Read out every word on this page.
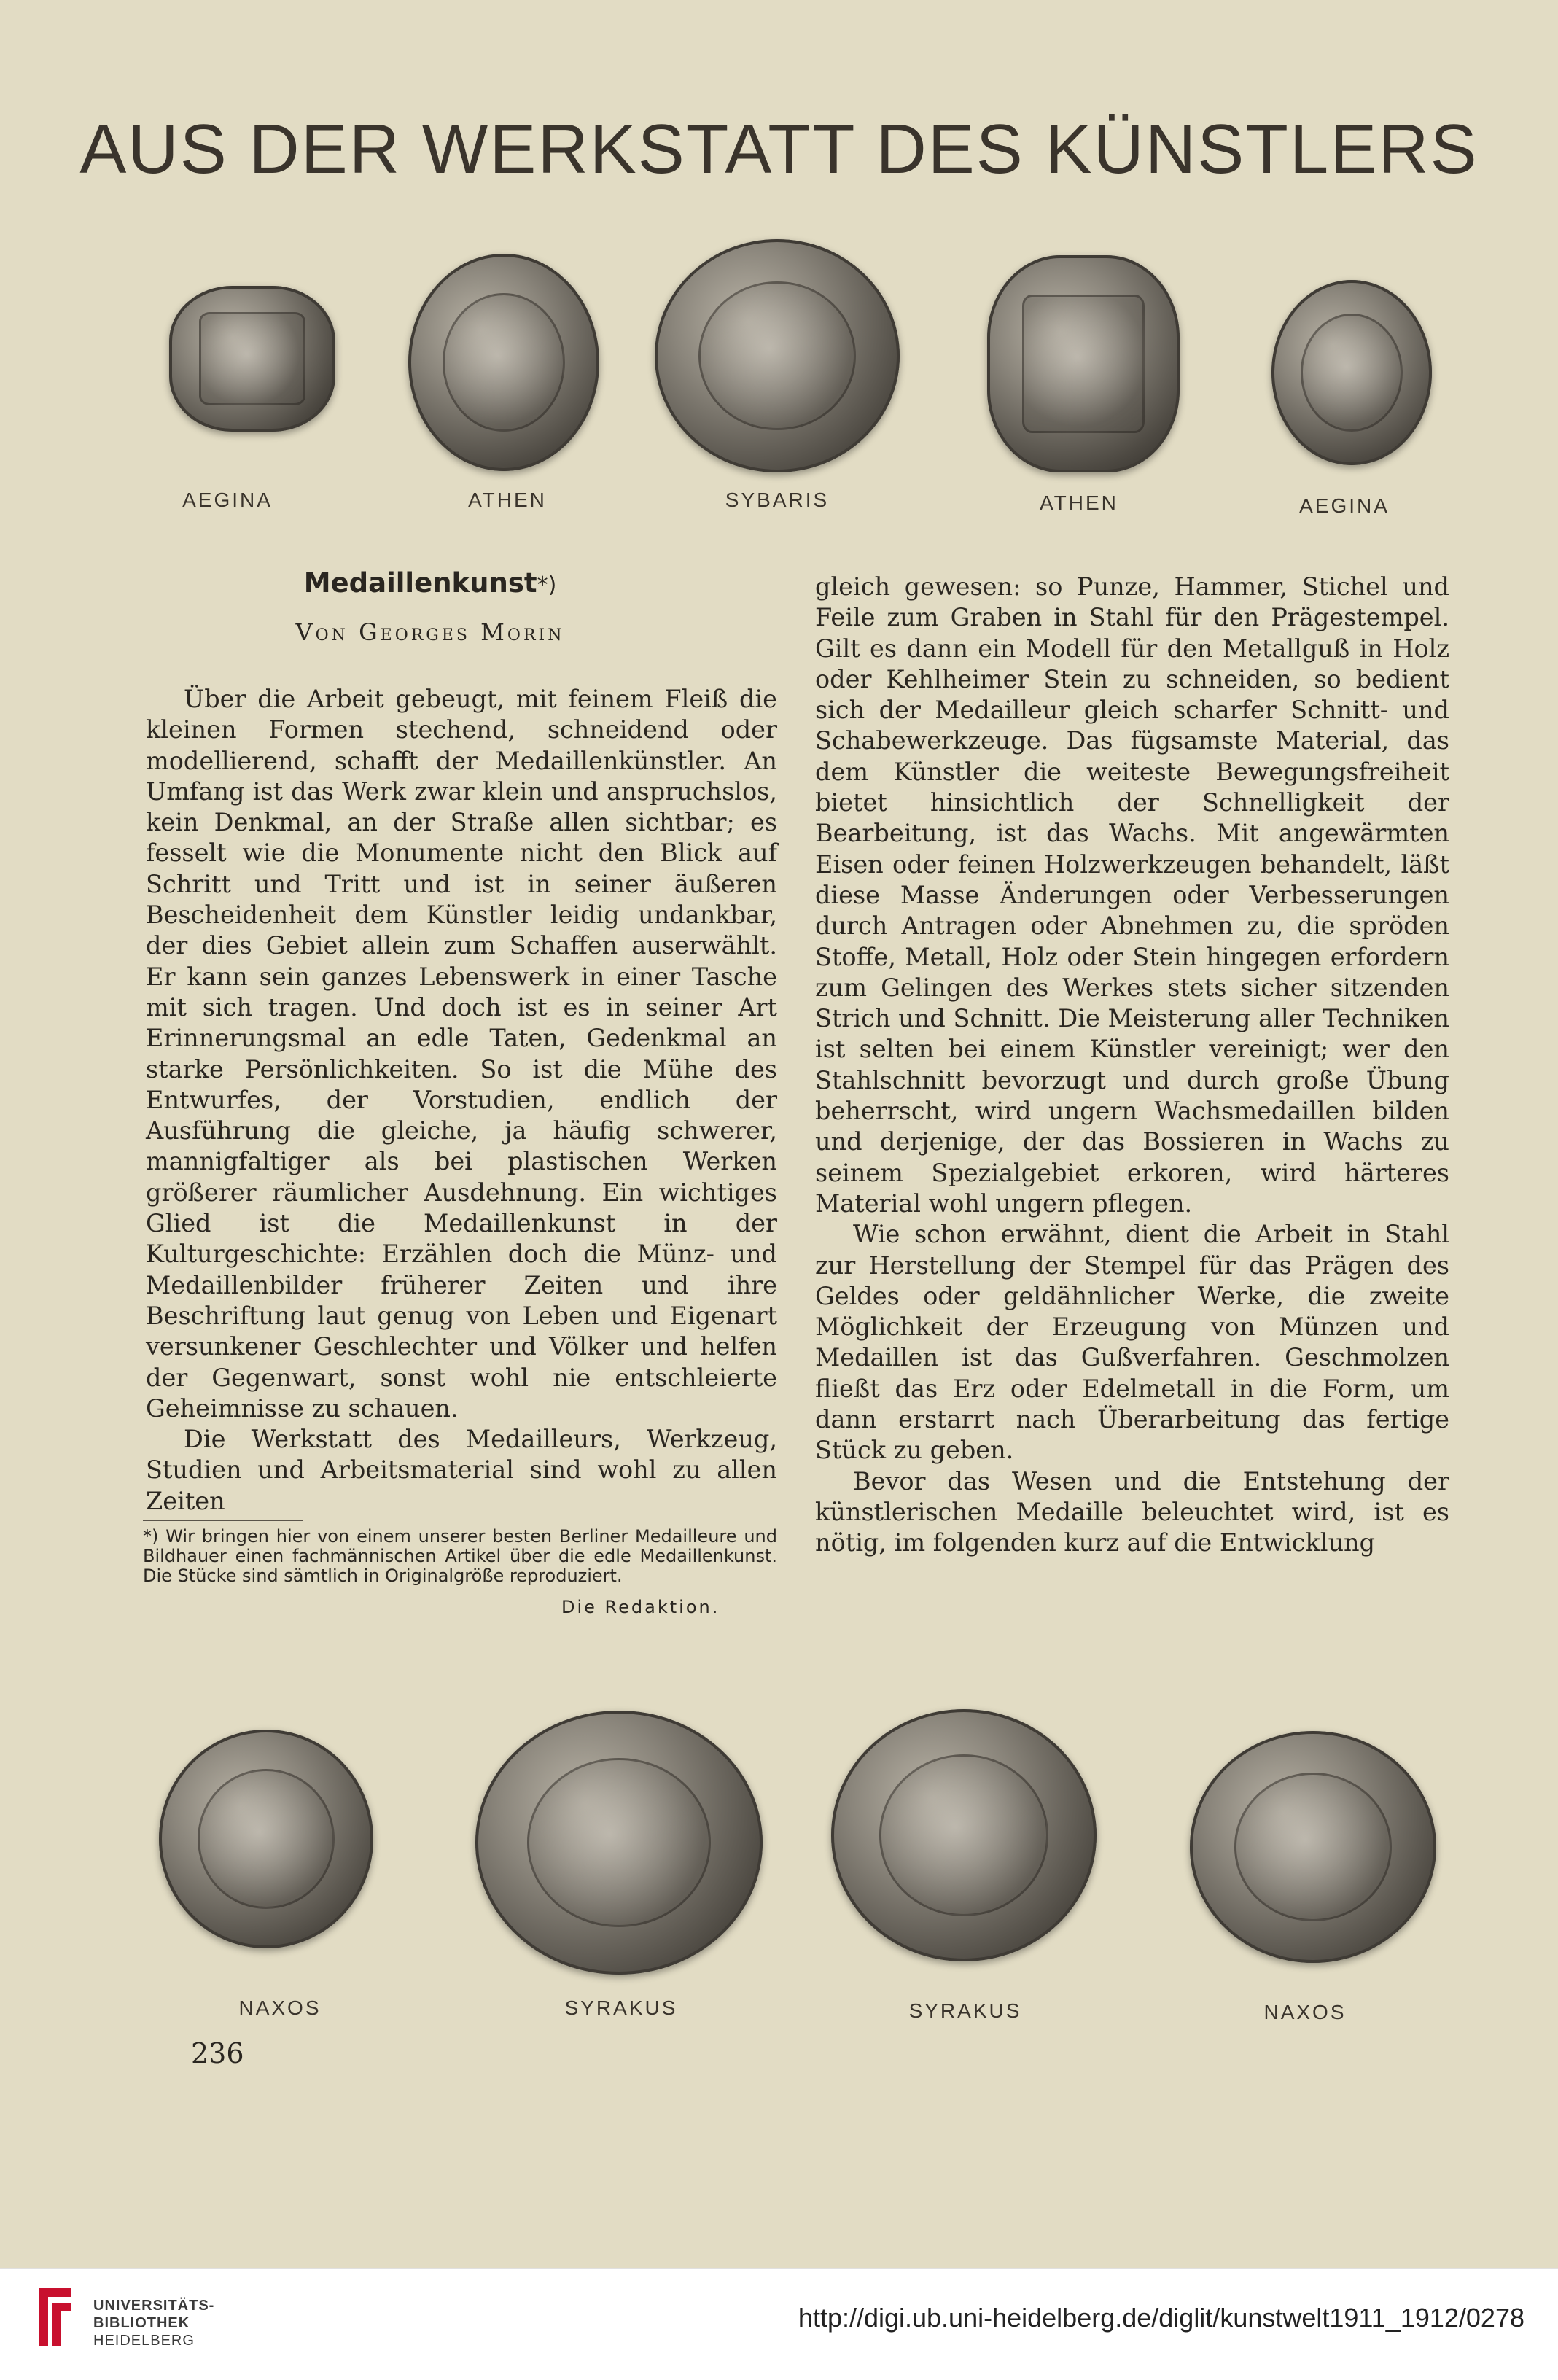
AUS DER WERKSTATT DES KÜNSTLERS
AEGINA	ATHEN	SYBARIS	ATHEN	AEGINA
Medaillenkunst*)
Von Georges Morin

Über die Arbeit gebeugt, mit feinem Fleiß die kleinen Formen stechend, schneidend oder modellierend, schafft der Medaillenkünstler. An Umfang ist das Werk zwar klein und anspruchslos, kein Denkmal, an der Straße allen sichtbar; es fesselt wie die Monumente nicht den Blick auf Schritt und Tritt und ist in seiner äußeren Bescheidenheit dem Künstler leidig undankbar, der dies Gebiet allein zum Schaffen auserwählt. Er kann sein ganzes Lebenswerk in einer Tasche mit sich tragen. Und doch ist es in seiner Art Erinnerungsmal an edle Taten, Gedenkmal an starke Persönlichkeiten. So ist die Mühe des Entwurfes, der Vorstudien, endlich der Ausführung die gleiche, ja häufig schwerer, mannigfaltiger als bei plastischen Werken größerer räumlicher Ausdehnung. Ein wichtiges Glied ist die Medaillenkunst in der Kulturgeschichte: Erzählen doch die Münz- und Medaillenbilder früherer Zeiten und ihre Beschriftung laut genug von Leben und Eigenart versunkener Geschlechter und Völker und helfen der Gegenwart, sonst wohl nie entschleierte Geheimnisse zu schauen.

Die Werkstatt des Medailleurs, Werkzeug, Studien und Arbeitsmaterial sind wohl zu allen Zeiten

*) Wir bringen hier von einem unserer besten Berliner Medailleure und Bildhauer einen fachmännischen Artikel über die edle Medaillenkunst. Die Stücke sind sämtlich in Originalgröße reproduziert.
Die Redaktion.

gleich gewesen: so Punze, Hammer, Stichel und Feile zum Graben in Stahl für den Prägestempel. Gilt es dann ein Modell für den Metallguß in Holz oder Kehlheimer Stein zu schneiden, so bedient sich der Medailleur gleich scharfer Schnitt- und Schabewerkzeuge. Das fügsamste Material, das dem Künstler die weiteste Bewegungsfreiheit bietet hinsichtlich der Schnelligkeit der Bearbeitung, ist das Wachs. Mit angewärmten Eisen oder feinen Holzwerkzeugen behandelt, läßt diese Masse Änderungen oder Verbesserungen durch Antragen oder Abnehmen zu, die spröden Stoffe, Metall, Holz oder Stein hingegen erfordern zum Gelingen des Werkes stets sicher sitzenden Strich und Schnitt. Die Meisterung aller Techniken ist selten bei einem Künstler vereinigt; wer den Stahlschnitt bevorzugt und durch große Übung beherrscht, wird ungern Wachsmedaillen bilden und derjenige, der das Bossieren in Wachs zu seinem Spezialgebiet erkoren, wird härteres Material wohl ungern pflegen.

Wie schon erwähnt, dient die Arbeit in Stahl zur Herstellung der Stempel für das Prägen des Geldes oder geldähnlicher Werke, die zweite Möglichkeit der Erzeugung von Münzen und Medaillen ist das Gußverfahren. Geschmolzen fließt das Erz oder Edelmetall in die Form, um dann erstarrt nach Überarbeitung das fertige Stück zu geben.

Bevor das Wesen und die Entstehung der künstlerischen Medaille beleuchtet wird, ist es nötig, im folgenden kurz auf die Entwicklung

NAXOS	SYRAKUS	SYRAKUS	NAXOS
236
UNIVERSITÄTS-
BIBLIOTHEK
HEIDELBERG
http://digi.ub.uni-heidelberg.de/diglit/kunstwelt1911_1912/0278
